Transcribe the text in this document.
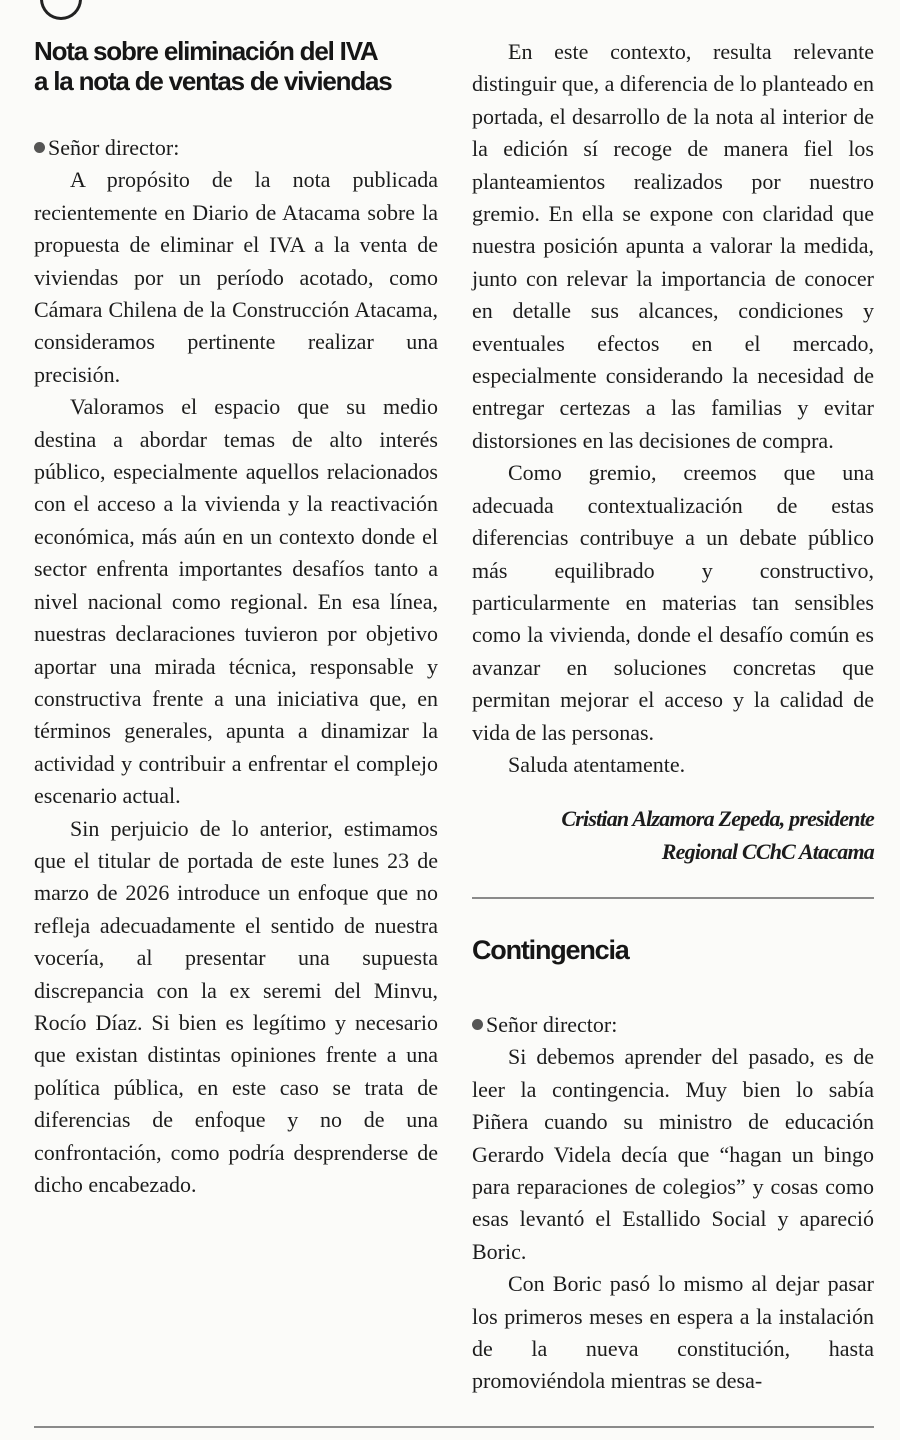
Nota sobre eliminación del IVA
a la nota de ventas de viviendas
Señor director:

A propósito de la nota publicada recientemente en Diario de Atacama sobre la propuesta de eliminar el IVA a la venta de viviendas por un período acotado, como Cámara Chilena de la Construcción Atacama, consideramos pertinente realizar una precisión.

Valoramos el espacio que su medio destina a abordar temas de alto interés público, especialmente aquellos relacionados con el acceso a la vivienda y la reactivación económica, más aún en un contexto donde el sector enfrenta importantes desafíos tanto a nivel nacional como regional. En esa línea, nuestras declaraciones tuvieron por objetivo aportar una mirada técnica, responsable y constructiva frente a una iniciativa que, en términos generales, apunta a dinamizar la actividad y contribuir a enfrentar el complejo escenario actual.

Sin perjuicio de lo anterior, estimamos que el titular de portada de este lunes 23 de marzo de 2026 introduce un enfoque que no refleja adecuadamente el sentido de nuestra vocería, al presentar una supuesta discrepancia con la ex seremi del Minvu, Rocío Díaz. Si bien es legítimo y necesario que existan distintas opiniones frente a una política pública, en este caso se trata de diferencias de enfoque y no de una confrontación, como podría desprenderse de dicho encabezado.

En este contexto, resulta relevante distinguir que, a diferencia de lo planteado en portada, el desarrollo de la nota al interior de la edición sí recoge de manera fiel los planteamientos realizados por nuestro gremio. En ella se expone con claridad que nuestra posición apunta a valorar la medida, junto con relevar la importancia de conocer en detalle sus alcances, condiciones y eventuales efectos en el mercado, especialmente considerando la necesidad de entregar certezas a las familias y evitar distorsiones en las decisiones de compra.

Como gremio, creemos que una adecuada contextualización de estas diferencias contribuye a un debate público más equilibrado y constructivo, particularmente en materias tan sensibles como la vivienda, donde el desafío común es avanzar en soluciones concretas que permitan mejorar el acceso y la calidad de vida de las personas.

Saluda atentamente.

Cristian Alzamora Zepeda, presidente
Regional CChC Atacama
Contingencia
Señor director:

Si debemos aprender del pasado, es de leer la contingencia. Muy bien lo sabía Piñera cuando su ministro de educación Gerardo Videla decía que “hagan un bingo para reparaciones de colegios” y cosas como esas levantó el Estallido Social y apareció Boric.

Con Boric pasó lo mismo al dejar pasar los primeros meses en espera a la instalación de la nueva constitución, hasta promoviéndola mientras se desa-
